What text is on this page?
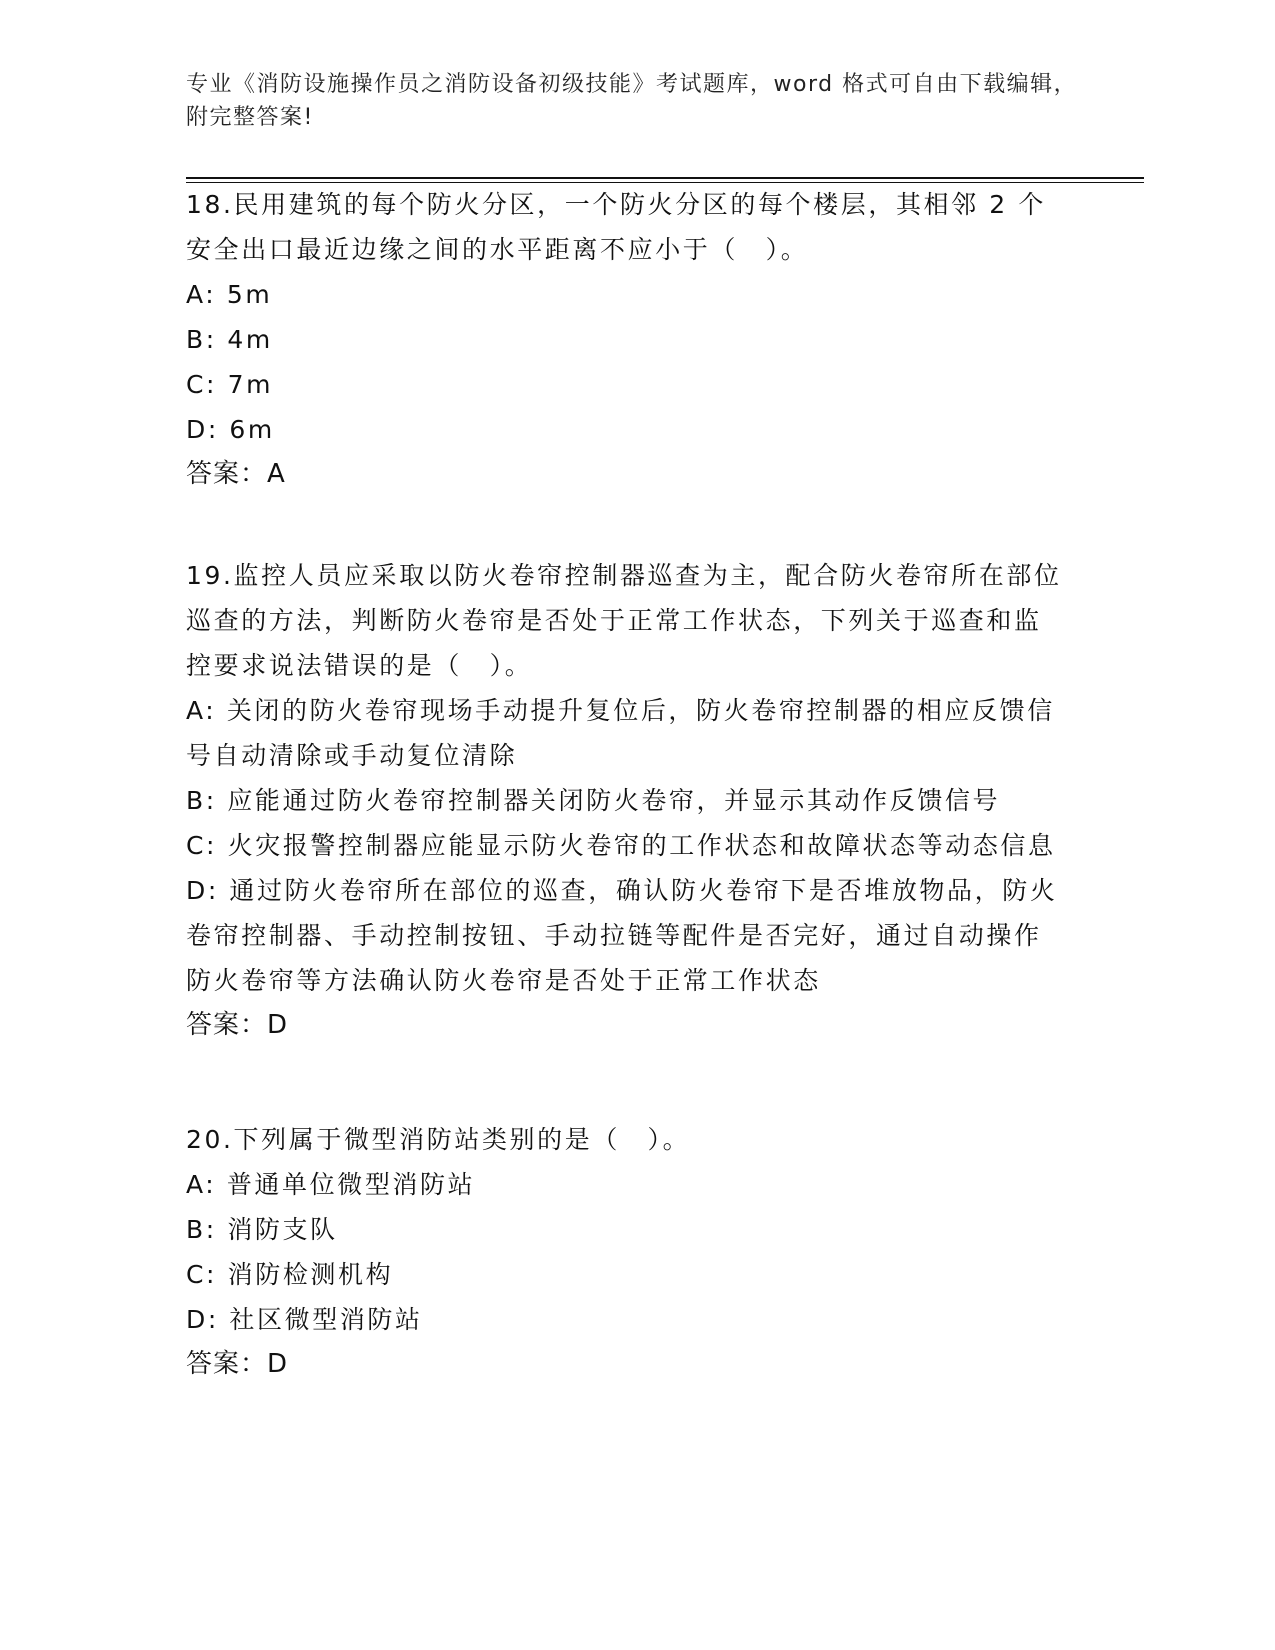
专业《消防设施操作员之消防设备初级技能》考试题库，word 格式可自由下载编辑，附完整答案!
18.民用建筑的每个防火分区，一个防火分区的每个楼层，其相邻 2 个安全出口最近边缘之间的水平距离不应小于（　）。
A: 5m
B: 4m
C: 7m
D: 6m
答案：A
19.监控人员应采取以防火卷帘控制器巡查为主，配合防火卷帘所在部位巡查的方法，判断防火卷帘是否处于正常工作状态，下列关于巡查和监控要求说法错误的是（　）。
A: 关闭的防火卷帘现场手动提升复位后，防火卷帘控制器的相应反馈信号自动清除或手动复位清除
B: 应能通过防火卷帘控制器关闭防火卷帘，并显示其动作反馈信号
C: 火灾报警控制器应能显示防火卷帘的工作状态和故障状态等动态信息
D: 通过防火卷帘所在部位的巡查，确认防火卷帘下是否堆放物品，防火卷帘控制器、手动控制按钮、手动拉链等配件是否完好，通过自动操作防火卷帘等方法确认防火卷帘是否处于正常工作状态
答案：D
20.下列属于微型消防站类别的是（　）。
A: 普通单位微型消防站
B: 消防支队
C: 消防检测机构
D: 社区微型消防站
答案：D
